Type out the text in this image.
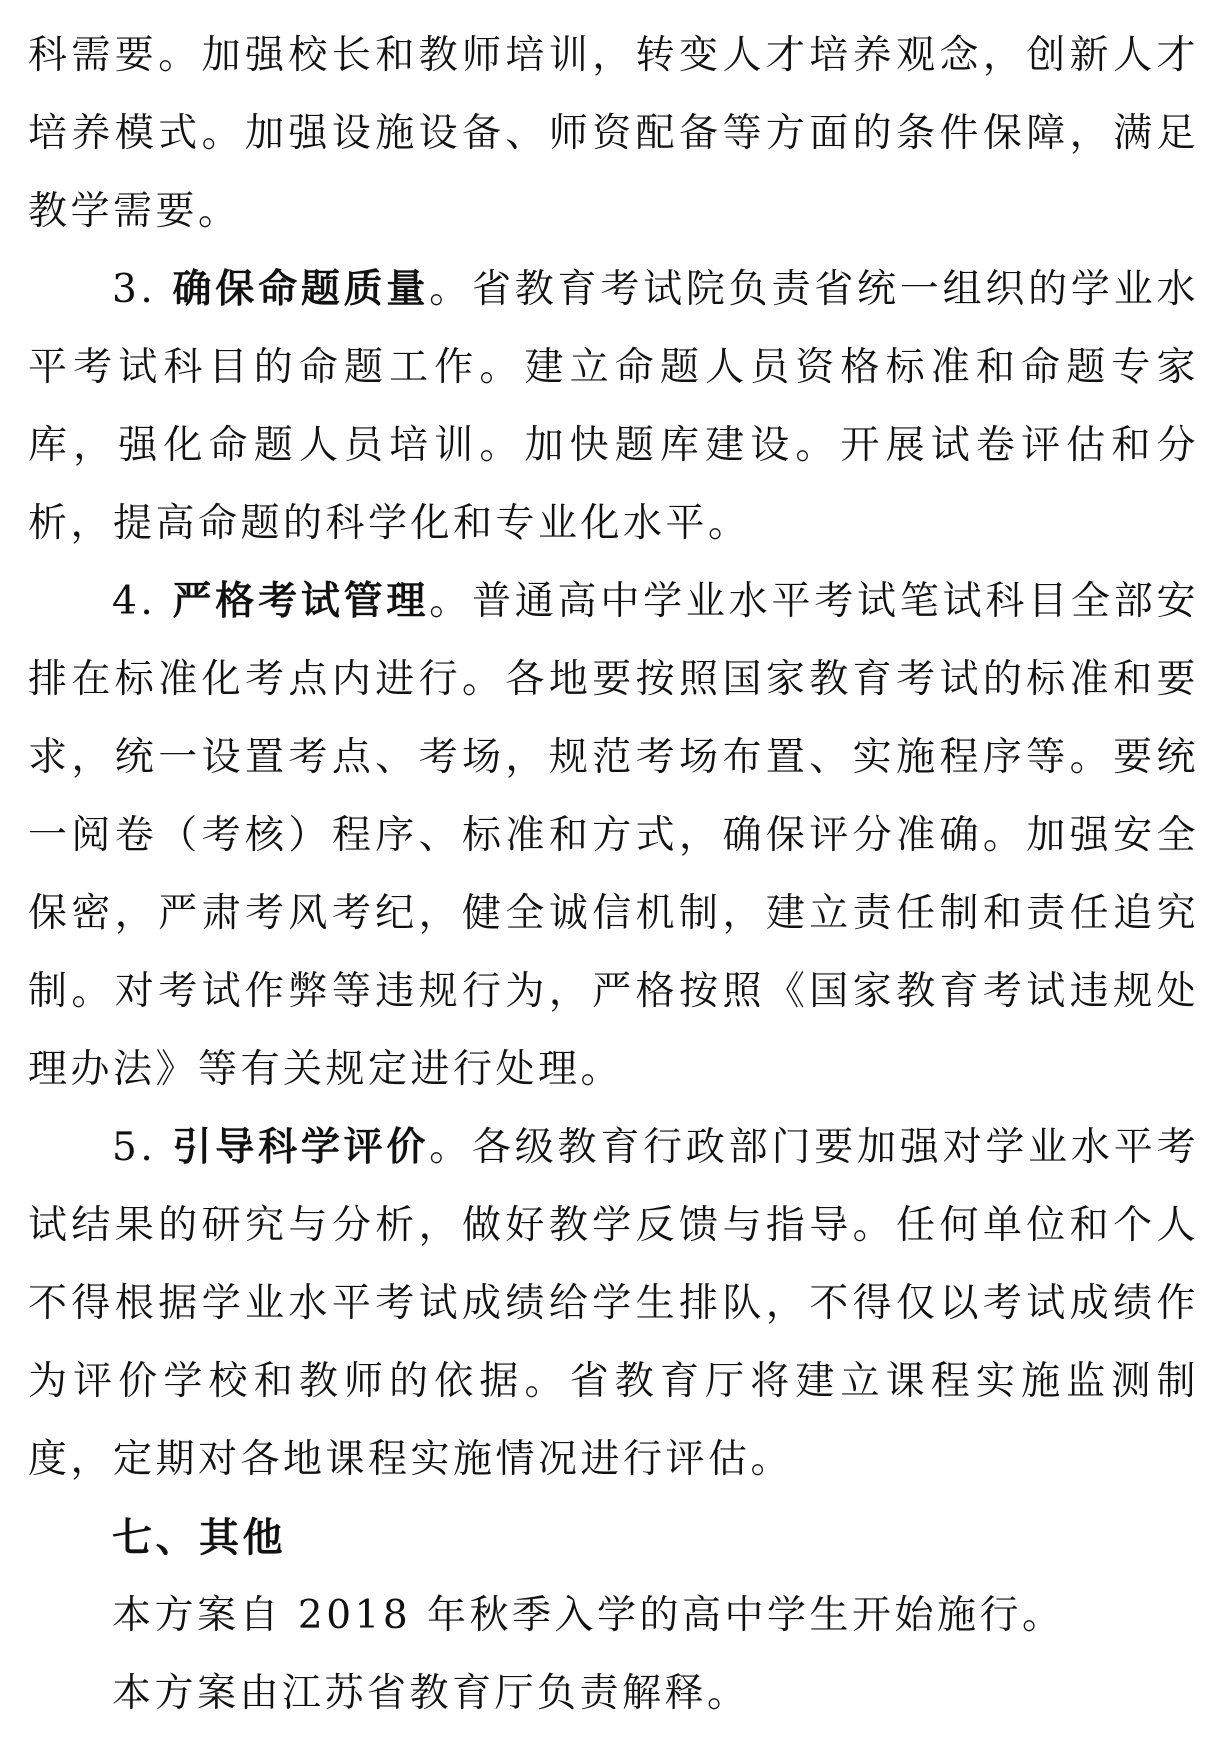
科需要。加强校长和教师培训，转变人才培养观念，创新人才培养模式。加强设施设备、师资配备等方面的条件保障，满足教学需要。

3. 确保命题质量。省教育考试院负责省统一组织的学业水平考试科目的命题工作。建立命题人员资格标准和命题专家库，强化命题人员培训。加快题库建设。开展试卷评估和分析，提高命题的科学化和专业化水平。

4. 严格考试管理。普通高中学业水平考试笔试科目全部安排在标准化考点内进行。各地要按照国家教育考试的标准和要求，统一设置考点、考场，规范考场布置、实施程序等。要统一阅卷（考核）程序、标准和方式，确保评分准确。加强安全保密，严肃考风考纪，健全诚信机制，建立责任制和责任追究制。对考试作弊等违规行为，严格按照《国家教育考试违规处理办法》等有关规定进行处理。

5. 引导科学评价。各级教育行政部门要加强对学业水平考试结果的研究与分析，做好教学反馈与指导。任何单位和个人不得根据学业水平考试成绩给学生排队，不得仅以考试成绩作为评价学校和教师的依据。省教育厅将建立课程实施监测制度，定期对各地课程实施情况进行评估。

七、其他

本方案自 2018 年秋季入学的高中学生开始施行。

本方案由江苏省教育厅负责解释。
